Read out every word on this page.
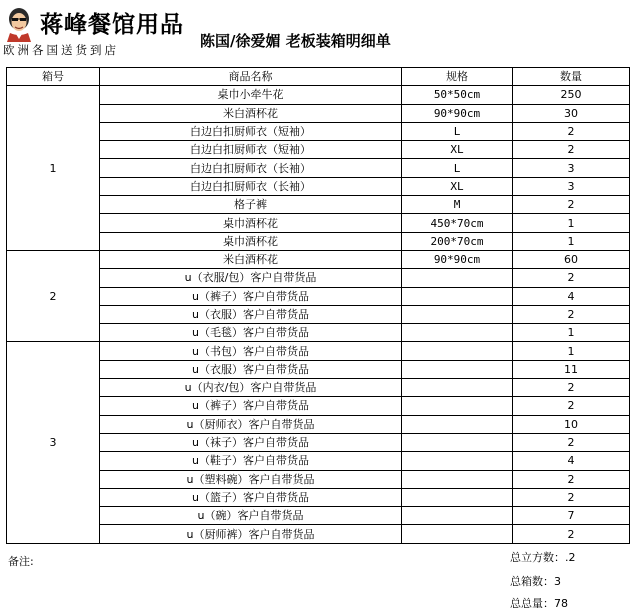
蒋峰餐馆用品
欧洲各国送货到店	陈国/徐爱媚 老板装箱明细单
箱号	商品名称	规格	数量
1	桌巾小牵牛花	50*50cm	250
	米白酒杯花	90*90cm	30
	白边白扣厨师衣（短袖）	L	2
	白边白扣厨师衣（短袖）	XL	2
	白边白扣厨师衣（长袖）	L	3
	白边白扣厨师衣（长袖）	XL	3
	格子裤	M	2
	桌巾酒杯花	450*70cm	1
	桌巾酒杯花	200*70cm	1
2	米白酒杯花	90*90cm	60
	u（衣服/包）客户自带货品		2
	u（裤子）客户自带货品		4
	u（衣服）客户自带货品		2
	u（毛毯）客户自带货品		1
3	u（书包）客户自带货品		1
	u（衣服）客户自带货品		11
	u（内衣/包）客户自带货品		2
	u（裤子）客户自带货品		2
	u（厨师衣）客户自带货品		10
	u（袜子）客户自带货品		2
	u（鞋子）客户自带货品		4
	u（塑料碗）客户自带货品		2
	u（篮子）客户自带货品		2
	u（碗）客户自带货品		7
	u（厨师裤）客户自带货品		2
备注:	总立方数：.2
总箱数：3
总总量：78
